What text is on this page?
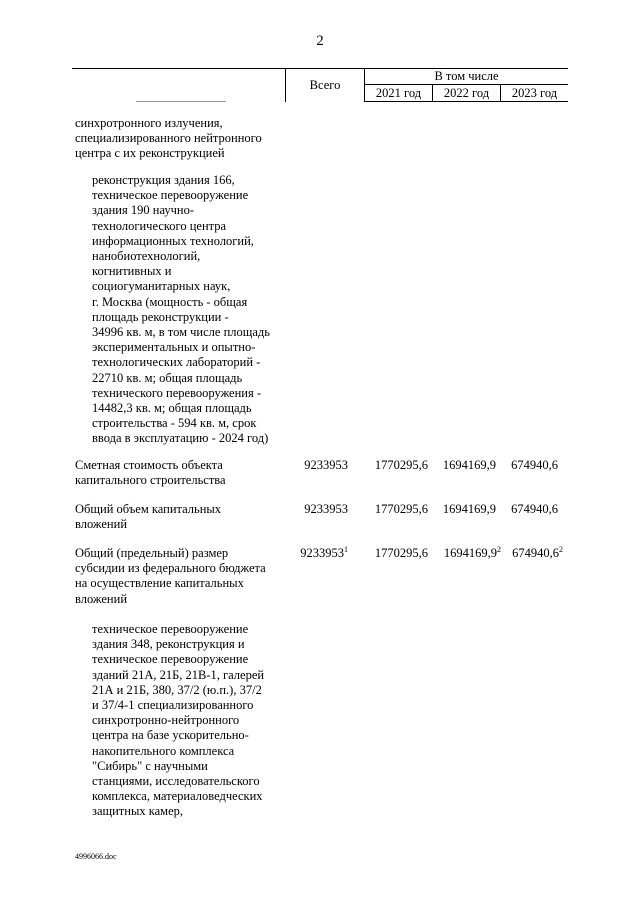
2
Всего
В том числе
2021 год	2022 год	2023 год
синхротронного излучения,
специализированного нейтронного
центра с их реконструкцией
реконструкция здания 166,
техническое перевооружение
здания 190 научно-
технологического центра
информационных технологий,
нанобиотехнологий,
когнитивных и
социогуманитарных наук,
г. Москва (мощность - общая
площадь реконструкции -
34996 кв. м, в том числе площадь
экспериментальных и опытно-
технологических лабораторий -
22710 кв. м; общая площадь
технического перевооружения -
14482,3 кв. м; общая площадь
строительства - 594 кв. м, срок
ввода в эксплуатацию - 2024 год)
Сметная стоимость объекта
капитального строительства
9233953	1770295,6	1694169,9	674940,6
Общий объем капитальных
вложений
9233953	1770295,6	1694169,9	674940,6
Общий (предельный) размер
субсидии из федерального бюджета
на осуществление капитальных
вложений
9233953$^1$	1770295,6	1694169,9$^2$ 674940,6$^2$
техническое перевооружение
здания 348, реконструкция и
техническое перевооружение
зданий 21А, 21Б, 21В-1, галерей
21А и 21Б, 380, 37/2 (ю.п.), 37/2
и 37/4-1 специализированного
синхротронно-нейтронного
центра на базе ускорительно-
накопительного комплекса
"Сибирь" с научными
станциями, исследовательского
комплекса, материаловедческих
защитных камер,
4996066.doc
